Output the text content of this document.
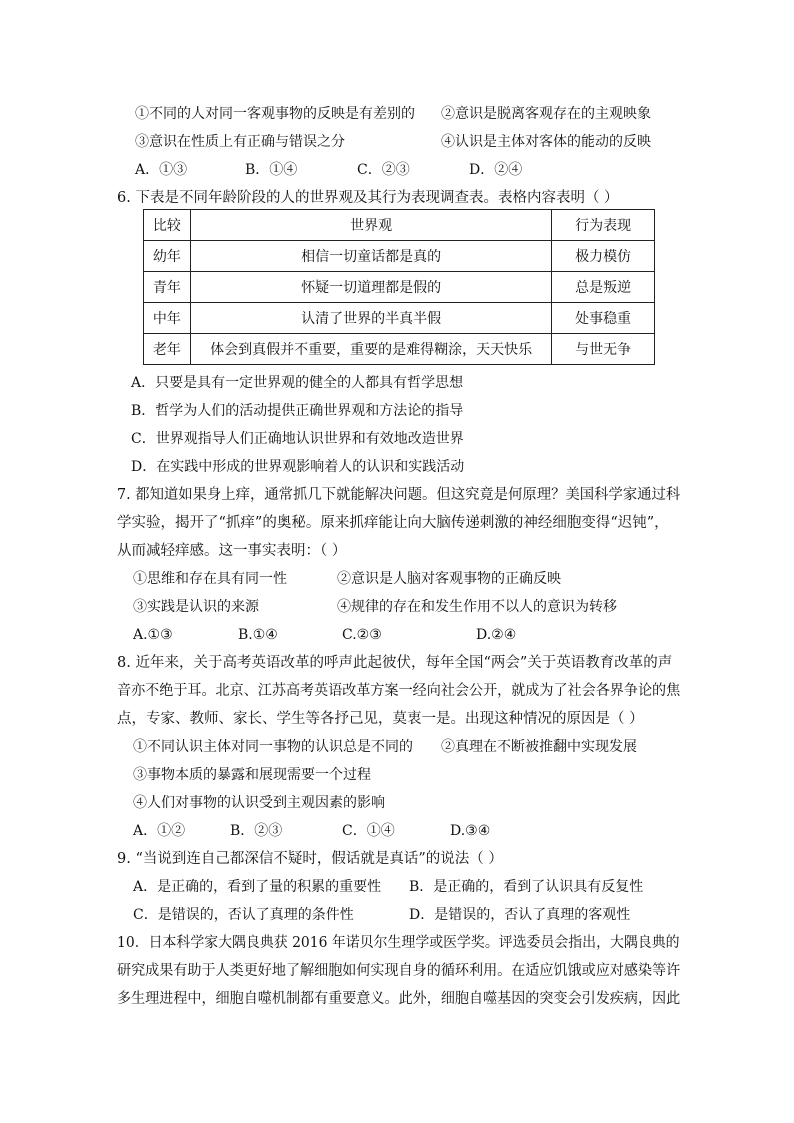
①不同的人对同一客观事物的反映是有差别的 ②意识是脱离客观存在的主观映象
③意识在性质上有正确与错误之分	④认识是主体对客体的能动的反映
A．①③	B．①④	C．②③	D．②④
6. 下表是不同年龄阶段的人的世界观及其行为表现调查表。表格内容表明（ ）
比较	世界观	行为表现
幼年	相信一切童话都是真的	极力模仿
青年	怀疑一切道理都是假的	总是叛逆
中年	认清了世界的半真半假	处事稳重
老年	体会到真假并不重要，重要的是难得糊涂，天天快乐	与世无争
A．只要是具有一定世界观的健全的人都具有哲学思想
B．哲学为人们的活动提供正确世界观和方法论的指导
C．世界观指导人们正确地认识世界和有效地改造世界
D．在实践中形成的世界观影响着人的认识和实践活动
7. 都知道如果身上痒，通常抓几下就能解决问题。但这究竟是何原理？美国科学家通过科
学实验，揭开了“抓痒”的奥秘。原来抓痒能让向大脑传递刺激的神经细胞变得“迟钝”，
从而减轻痒感。这一事实表明：（ ）
①思维和存在具有同一性	②意识是人脑对客观事物的正确反映
③实践是认识的来源	④规律的存在和发生作用不以人的意识为转移
A.①③	B.①④	C.②③	D.②④
8. 近年来，关于高考英语改革的呼声此起彼伏，每年全国“两会”关于英语教育改革的声
音亦不绝于耳。北京、江苏高考英语改革方案一经向社会公开，就成为了社会各界争论的焦
点，专家、教师、家长、学生等各抒己见，莫衷一是。出现这种情况的原因是（ ）
①不同认识主体对同一事物的认识总是不同的 ②真理在不断被推翻中实现发展
③事物本质的暴露和展现需要一个过程
④人们对事物的认识受到主观因素的影响
A．①②	B．②③	C．①④	D.③④
9. “当说到连自己都深信不疑时，假话就是真话”的说法（ ）
A．是正确的，看到了量的积累的重要性 B．是正确的，看到了认识具有反复性
C．是错误的，否认了真理的条件性	D．是错误的，否认了真理的客观性
10．日本科学家大隅良典获 2016 年诺贝尔生理学或医学奖。评选委员会指出，大隅良典的
研究成果有助于人类更好地了解细胞如何实现自身的循环利用。在适应饥饿或应对感染等许
多生理进程中，细胞自噬机制都有重要意义。此外，细胞自噬基因的突变会引发疾病，因此
